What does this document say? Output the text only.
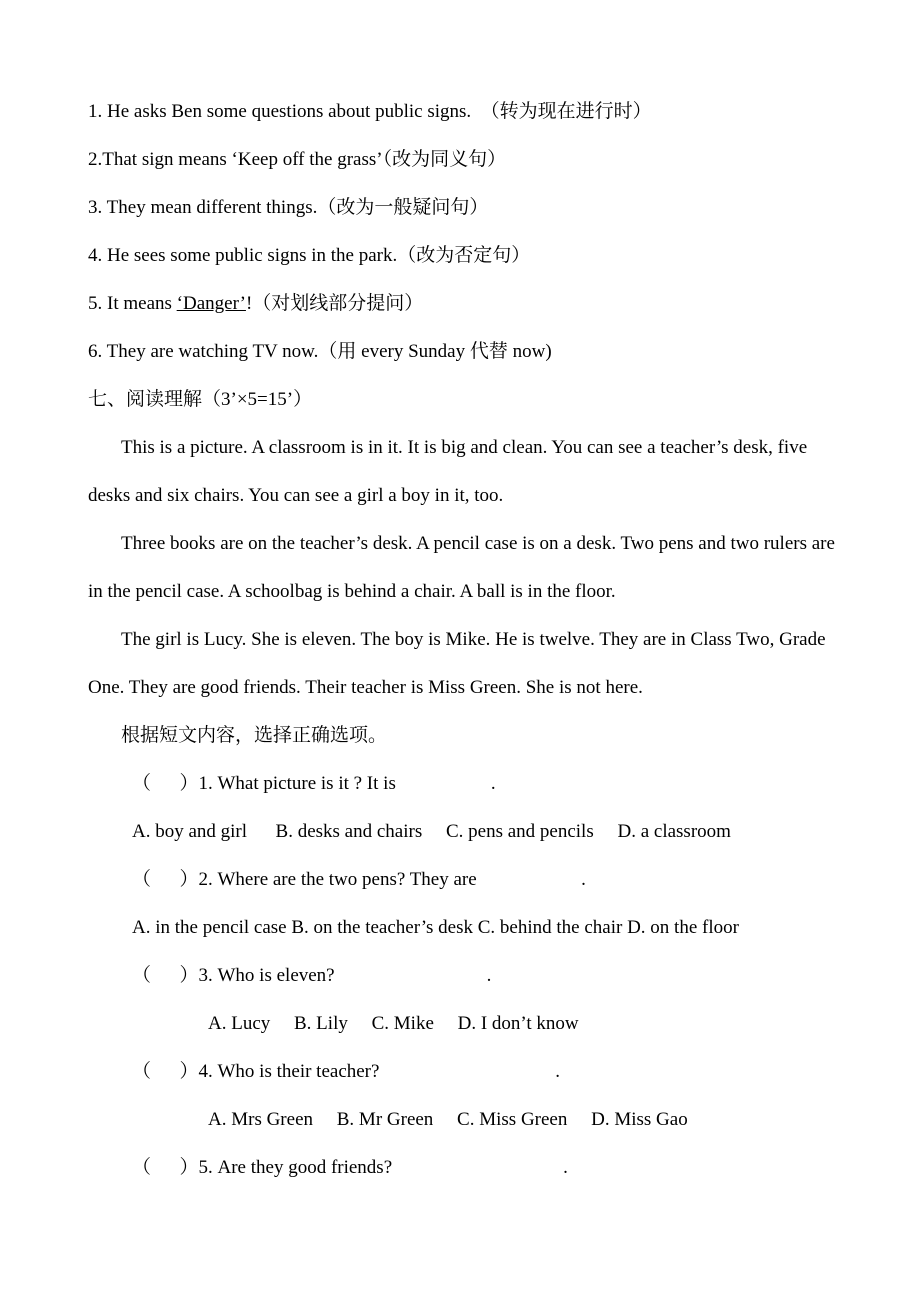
1. He asks Ben some questions about public signs.  （转为现在进行时）

2.That sign means ‘Keep off the grass’（改为同义句）

3. They mean different things.（改为一般疑问句）

4. He sees some public signs in the park.（改为否定句）

5. It means ‘Danger’!（对划线部分提问）

6. They are watching TV now.（用 every Sunday 代替 now)

七、阅读理解（3’×5=15’）

This is a picture. A classroom is in it. It is big and clean. You can see a teacher’s desk, five desks and six chairs. You can see a girl a boy in it, too.

Three books are on the teacher’s desk. A pencil case is on a desk. Two pens and two rulers are in the pencil case. A schoolbag is behind a chair. A ball is in the floor.

The girl is Lucy. She is eleven. The boy is Mike. He is twelve. They are in Class Two, Grade One. They are good friends. Their teacher is Miss Green. She is not here.

根据短文内容，选择正确选项。

（      ）1. What picture is it ? It is                    .

A. boy and girl      B. desks and chairs     C. pens and pencils     D. a classroom

（      ）2. Where are the two pens? They are                      .

A. in the pencil case B. on the teacher’s desk C. behind the chair D. on the floor

（      ）3. Who is eleven?                                .

A. Lucy     B. Lily     C. Mike     D. I don’t know

（      ）4. Who is their teacher?                                     .

A. Mrs Green     B. Mr Green     C. Miss Green     D. Miss Gao

（      ）5. Are they good friends?                                    .
